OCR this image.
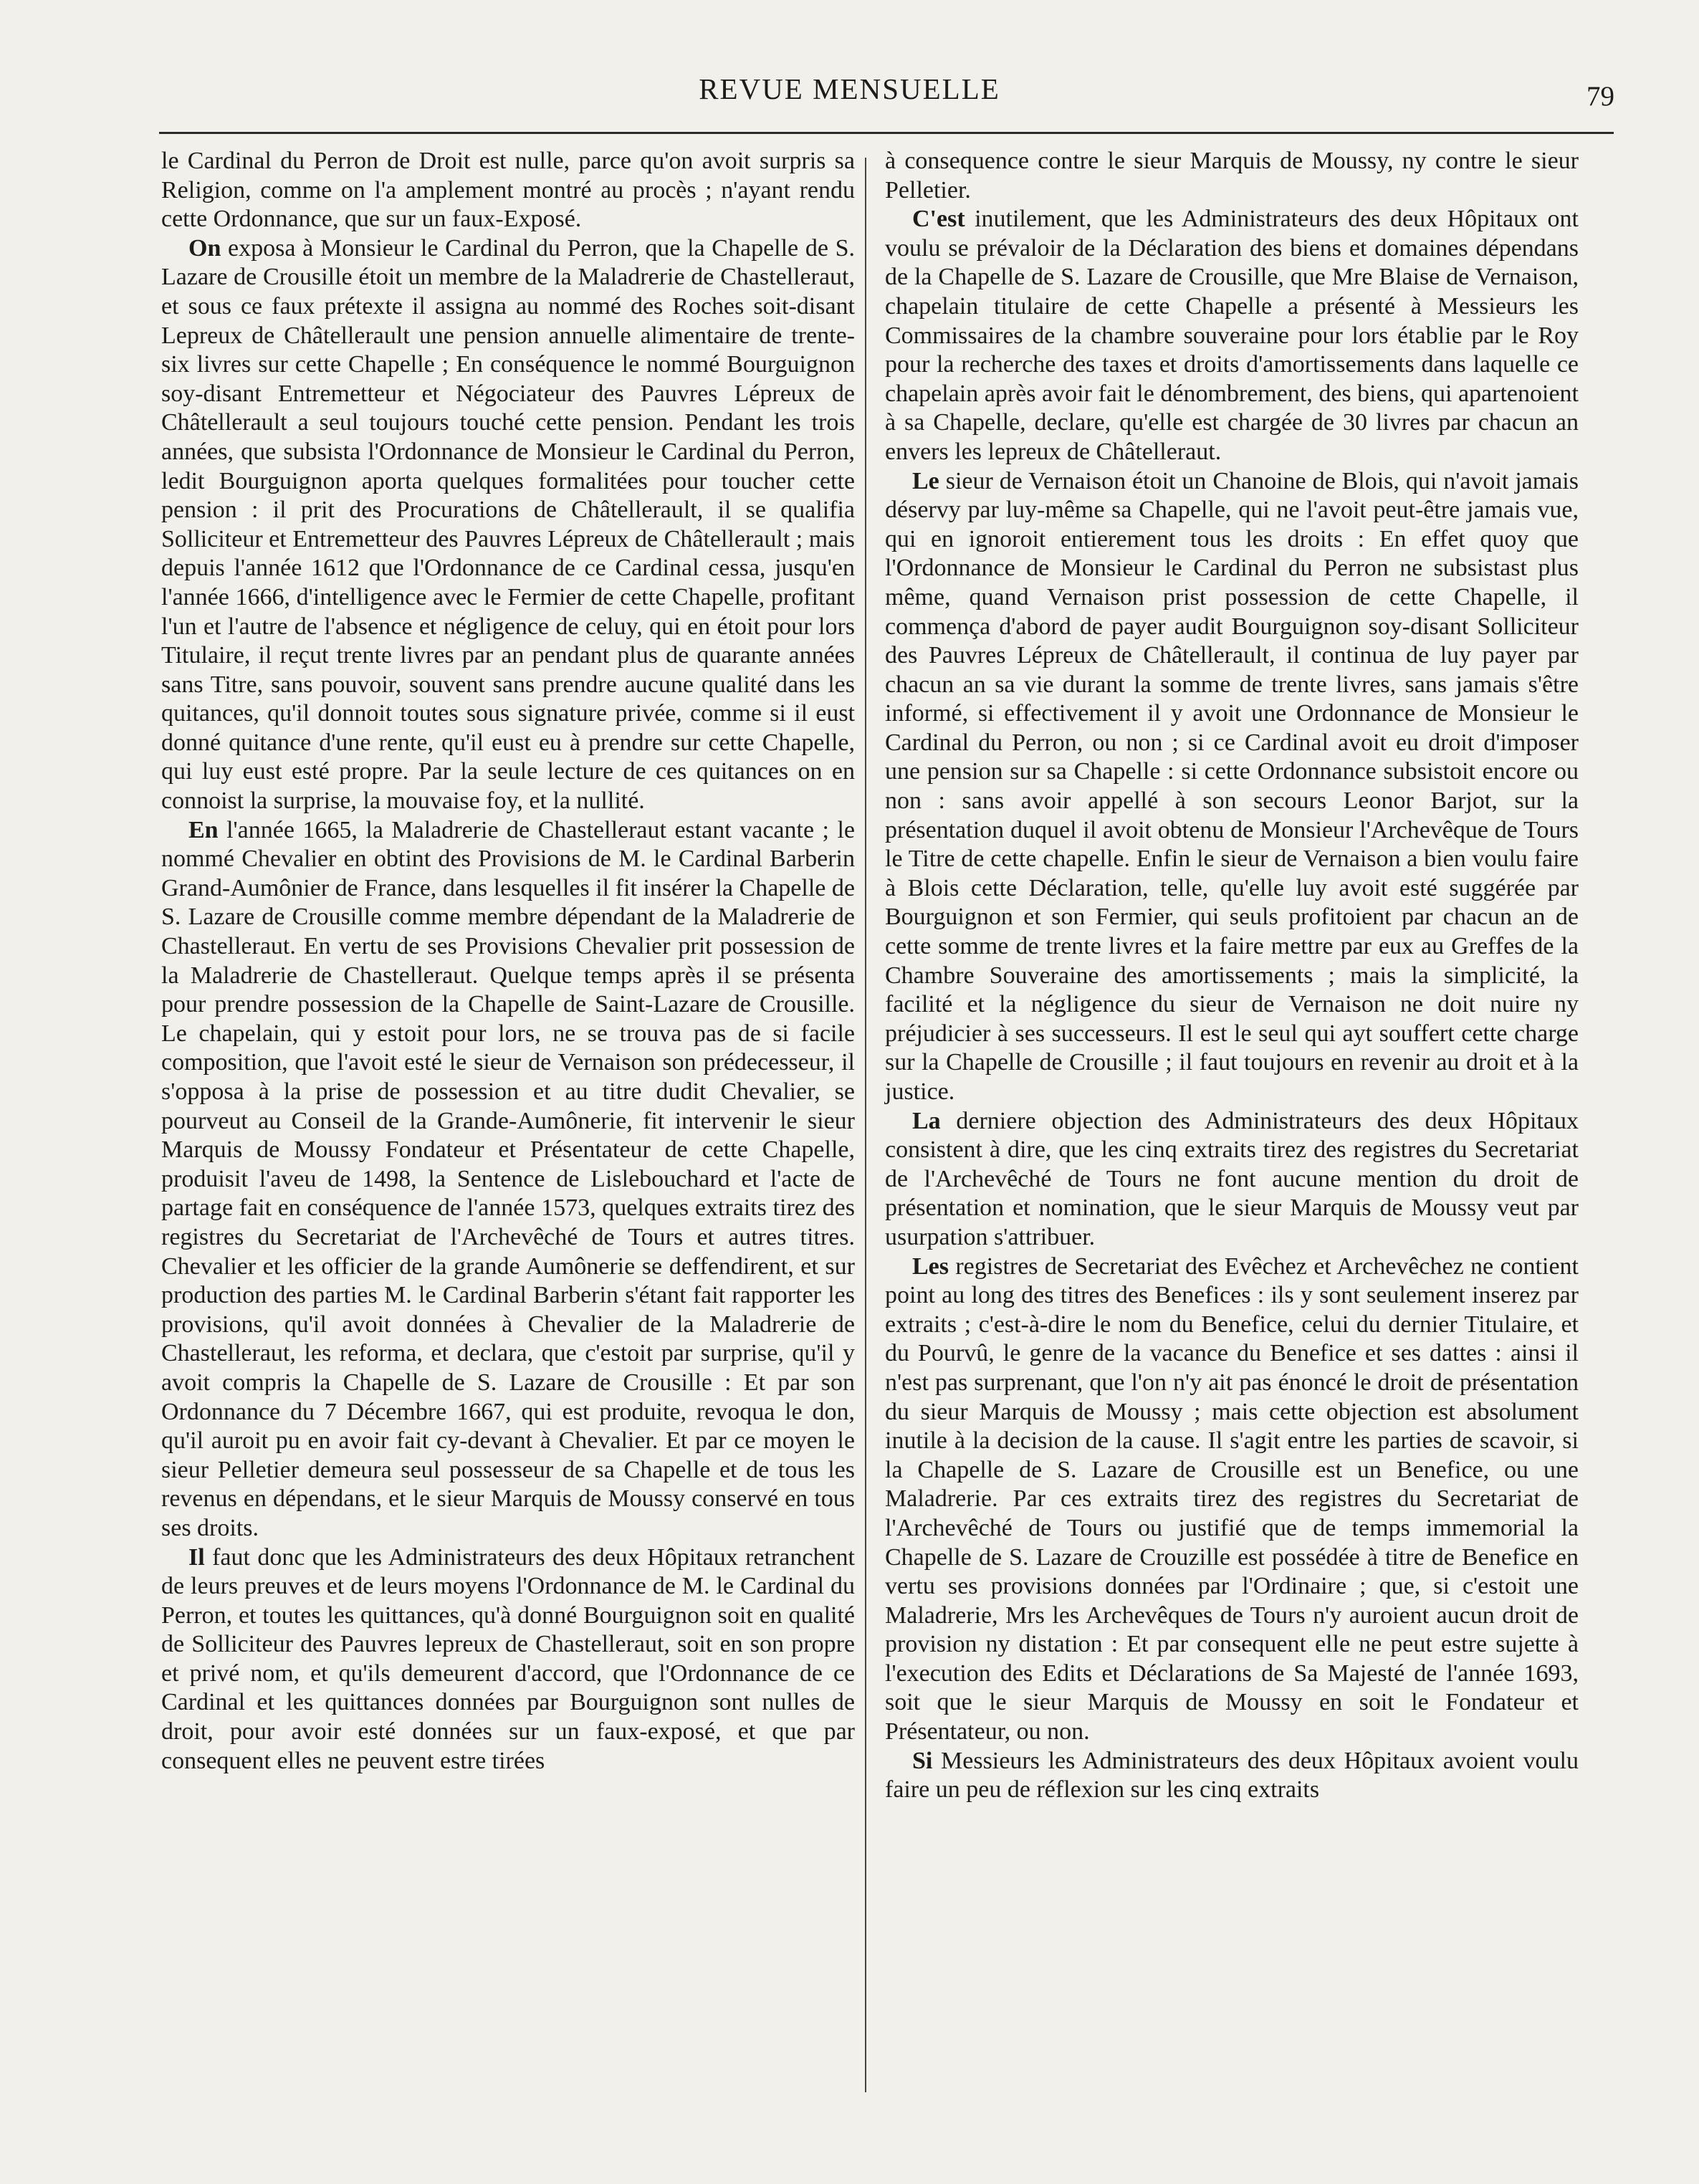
REVUE MENSUELLE	79

le Cardinal du Perron de Droit est nulle, parce qu'on avoit surpris sa Religion, comme on l'a amplement montré au procès ; n'ayant rendu cette Ordonnance, que sur un faux-Exposé.

On exposa à Monsieur le Cardinal du Perron, que la Chapelle de S. Lazare de Crousille étoit un membre de la Maladrerie de Chastelleraut, et sous ce faux prétexte il assigna au nommé des Roches soit-disant Lepreux de Châtellerault une pension annuelle alimentaire de trente-six livres sur cette Chapelle ; En conséquence le nommé Bourguignon soy-disant Entremetteur et Négociateur des Pauvres Lépreux de Châtellerault a seul toujours touché cette pension. Pendant les trois années, que subsista l'Ordonnance de Monsieur le Cardinal du Perron, ledit Bourguignon aporta quelques formalitées pour toucher cette pension : il prit des Procurations de Châtellerault, il se qualifia Solliciteur et Entremetteur des Pauvres Lépreux de Châtellerault ; mais depuis l'année 1612 que l'Ordonnance de ce Cardinal cessa, jusqu'en l'année 1666, d'intelligence avec le Fermier de cette Chapelle, profitant l'un et l'autre de l'absence et négligence de celuy, qui en étoit pour lors Titulaire, il reçut trente livres par an pendant plus de quarante années sans Titre, sans pouvoir, souvent sans prendre aucune qualité dans les quitances, qu'il donnoit toutes sous signature privée, comme si il eust donné quitance d'une rente, qu'il eust eu à prendre sur cette Chapelle, qui luy eust esté propre. Par la seule lecture de ces quitances on en connoist la surprise, la mouvaise foy, et la nullité.

En l'année 1665, la Maladrerie de Chastelleraut estant vacante ; le nommé Chevalier en obtint des Provisions de M. le Cardinal Barberin Grand-Aumônier de France, dans lesquelles il fit insérer la Chapelle de S. Lazare de Crousille comme membre dépendant de la Maladrerie de Chastelleraut. En vertu de ses Provisions Chevalier prit possession de la Maladrerie de Chastelleraut. Quelque temps après il se présenta pour prendre possession de la Chapelle de Saint-Lazare de Crousille. Le chapelain, qui y estoit pour lors, ne se trouva pas de si facile composition, que l'avoit esté le sieur de Vernaison son prédecesseur, il s'opposa à la prise de possession et au titre dudit Chevalier, se pourveut au Conseil de la Grande-Aumônerie, fit intervenir le sieur Marquis de Moussy Fondateur et Présentateur de cette Chapelle, produisit l'aveu de 1498, la Sentence de Lislebouchard et l'acte de partage fait en conséquence de l'année 1573, quelques extraits tirez des registres du Secretariat de l'Archevêché de Tours et autres titres. Chevalier et les officier de la grande Aumônerie se deffendirent, et sur production des parties M. le Cardinal Barberin s'étant fait rapporter les provisions, qu'il avoit données à Chevalier de la Maladrerie de Chastelleraut, les reforma, et declara, que c'estoit par surprise, qu'il y avoit compris la Chapelle de S. Lazare de Crousille : Et par son Ordonnance du 7 Décembre 1667, qui est produite, revoqua le don, qu'il auroit pu en avoir fait cy-devant à Chevalier. Et par ce moyen le sieur Pelletier demeura seul possesseur de sa Chapelle et de tous les revenus en dépendans, et le sieur Marquis de Moussy conservé en tous ses droits.

Il faut donc que les Administrateurs des deux Hôpitaux retranchent de leurs preuves et de leurs moyens l'Ordonnance de M. le Cardinal du Perron, et toutes les quittances, qu'à donné Bourguignon soit en qualité de Solliciteur des Pauvres lepreux de Chastelleraut, soit en son propre et privé nom, et qu'ils demeurent d'accord, que l'Ordonnance de ce Cardinal et les quittances données par Bourguignon sont nulles de droit, pour avoir esté données sur un faux-exposé, et que par consequent elles ne peuvent estre tirées

à consequence contre le sieur Marquis de Moussy, ny contre le sieur Pelletier.

C'est inutilement, que les Administrateurs des deux Hôpitaux ont voulu se prévaloir de la Déclaration des biens et domaines dépendans de la Chapelle de S. Lazare de Crousille, que Mre Blaise de Vernaison, chapelain titulaire de cette Chapelle a présenté à Messieurs les Commissaires de la chambre souveraine pour lors établie par le Roy pour la recherche des taxes et droits d'amortissements dans laquelle ce chapelain après avoir fait le dénombrement, des biens, qui apartenoient à sa Chapelle, declare, qu'elle est chargée de 30 livres par chacun an envers les lepreux de Châtelleraut.

Le sieur de Vernaison étoit un Chanoine de Blois, qui n'avoit jamais déservy par luy-même sa Chapelle, qui ne l'avoit peut-être jamais vue, qui en ignoroit entierement tous les droits : En effet quoy que l'Ordonnance de Monsieur le Cardinal du Perron ne subsistast plus même, quand Vernaison prist possession de cette Chapelle, il commença d'abord de payer audit Bourguignon soy-disant Solliciteur des Pauvres Lépreux de Châtellerault, il continua de luy payer par chacun an sa vie durant la somme de trente livres, sans jamais s'être informé, si effectivement il y avoit une Ordonnance de Monsieur le Cardinal du Perron, ou non ; si ce Cardinal avoit eu droit d'imposer une pension sur sa Chapelle : si cette Ordonnance subsistoit encore ou non : sans avoir appellé à son secours Leonor Barjot, sur la présentation duquel il avoit obtenu de Monsieur l'Archevêque de Tours le Titre de cette chapelle. Enfin le sieur de Vernaison a bien voulu faire à Blois cette Déclaration, telle, qu'elle luy avoit esté suggérée par Bourguignon et son Fermier, qui seuls profitoient par chacun an de cette somme de trente livres et la faire mettre par eux au Greffes de la Chambre Souveraine des amortissements ; mais la simplicité, la facilité et la négligence du sieur de Vernaison ne doit nuire ny préjudicier à ses successeurs. Il est le seul qui ayt souffert cette charge sur la Chapelle de Crousille ; il faut toujours en revenir au droit et à la justice.

La derniere objection des Administrateurs des deux Hôpitaux consistent à dire, que les cinq extraits tirez des registres du Secretariat de l'Archevêché de Tours ne font aucune mention du droit de présentation et nomination, que le sieur Marquis de Moussy veut par usurpation s'attribuer.

Les registres de Secretariat des Evêchez et Archevêchez ne contient point au long des titres des Benefices : ils y sont seulement inserez par extraits ; c'est-à-dire le nom du Benefice, celui du dernier Titulaire, et du Pourvû, le genre de la vacance du Benefice et ses dattes : ainsi il n'est pas surprenant, que l'on n'y ait pas énoncé le droit de présentation du sieur Marquis de Moussy ; mais cette objection est absolument inutile à la decision de la cause. Il s'agit entre les parties de scavoir, si la Chapelle de S. Lazare de Crousille est un Benefice, ou une Maladrerie. Par ces extraits tirez des registres du Secretariat de l'Archevêché de Tours ou justifié que de temps immemorial la Chapelle de S. Lazare de Crouzille est possédée à titre de Benefice en vertu ses provisions données par l'Ordinaire ; que, si c'estoit une Maladrerie, Mrs les Archevêques de Tours n'y auroient aucun droit de provision ny distation : Et par consequent elle ne peut estre sujette à l'execution des Edits et Déclarations de Sa Majesté de l'année 1693, soit que le sieur Marquis de Moussy en soit le Fondateur et Présentateur, ou non.

Si Messieurs les Administrateurs des deux Hôpitaux avoient voulu faire un peu de réflexion sur les cinq extraits
